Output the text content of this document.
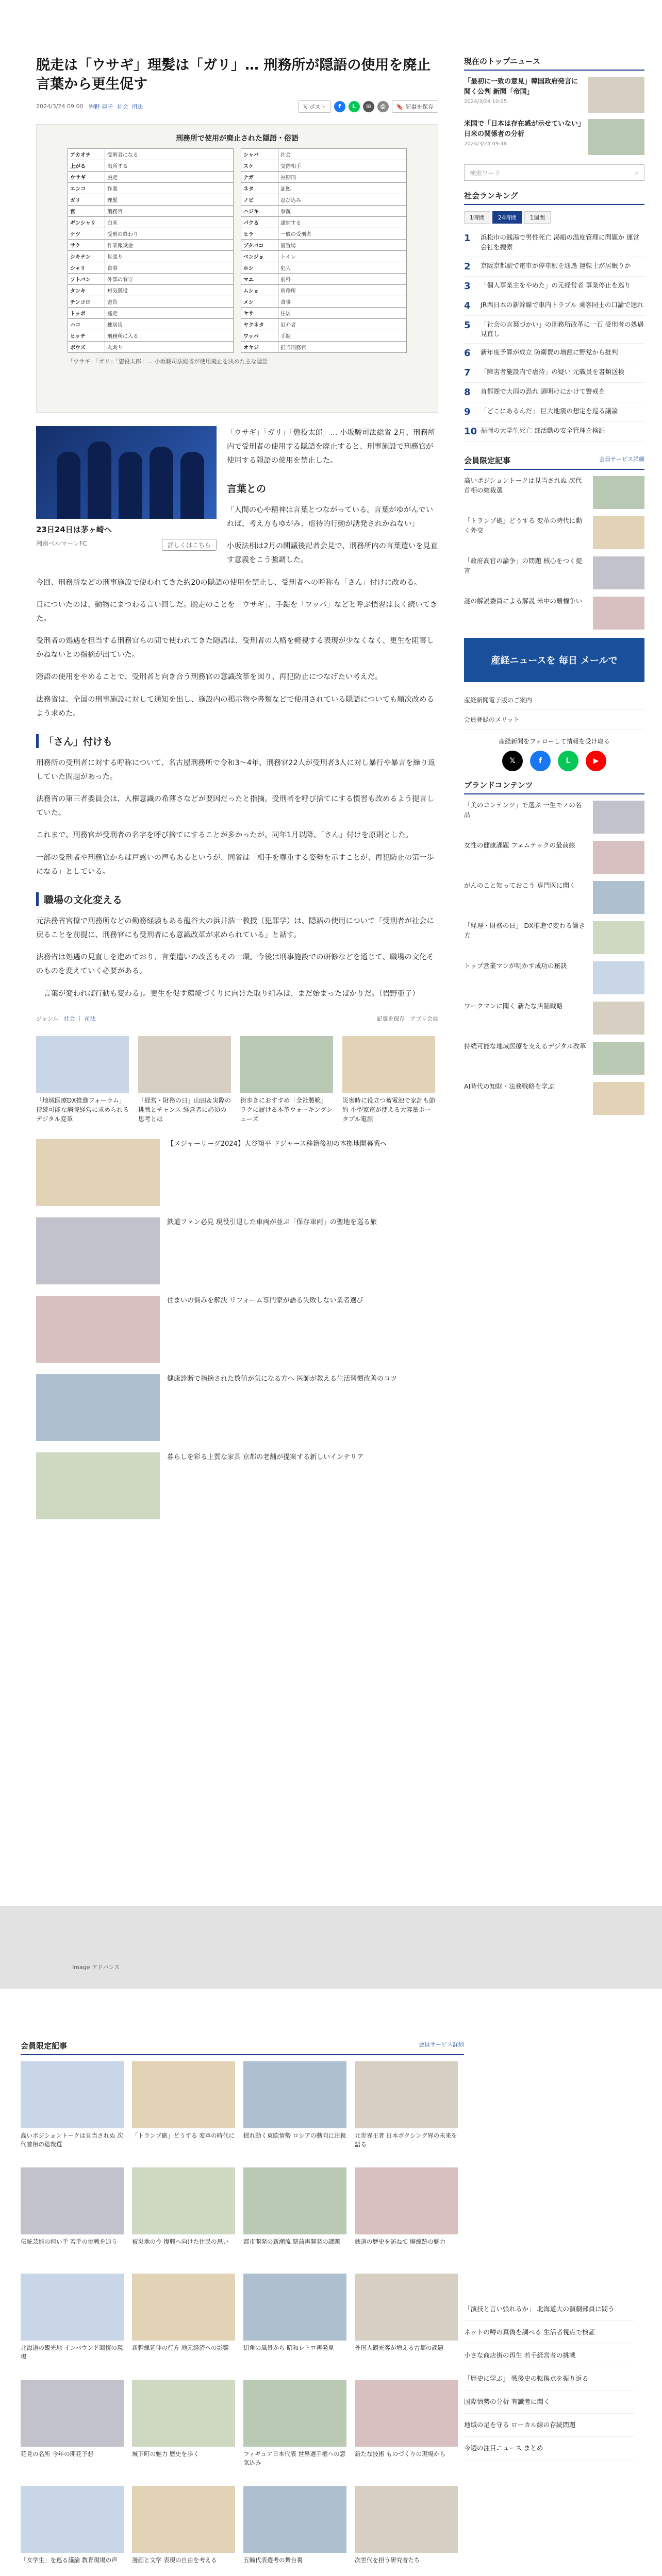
脱走は「ウサギ」理髪は「ガリ」… 刑務所が隠語の使用を廃止 言葉から更生促す
2024/3/24 09:00 岩野 亜子 社会 司法	𝕏 ポスト	f	L	✉	⎙	🔖 記事を保存
刑務所で使用が廃止された隠語・俗語
アカオチ	受刑者になる
上がる	出所する
ウサギ	脱走
エンコ	作業
ガリ	理髪
官	刑務官
ギンシャリ	白米
ケツ	受刑の終わり
サク	作業報奨金
シキテン	見張り
シャリ	食事
ソトバン	外部の看守
タンキ	短気懲役
チンコロ	密告
トッポ	逃走
ハコ	独居房
ヒッチ	刑務所に入る
ボウズ	丸刈り
シャバ	社会
スケ	交際相手
ナガ	長期刑
ネタ	証拠
ノビ	忍び込み
ハジキ	拳銃
パクる	逮捕する
ヒラ	一般の受刑者
ブタバコ	留置場
ベンジョ	トイレ
ホシ	犯人
マエ	前科
ムショ	刑務所
メシ	食事
ヤサ	住居
ヤクネタ	厄介者
ワッパ	手錠
オヤジ	担当刑務官
「ウサギ」「ガリ」「懲役太郎」… 小坂駿司法総省が使用廃止を決めた主な隠語
23日24日は茅ヶ崎へ
湘南ベルマーレFC	詳しくはこちら

「ウサギ」「ガリ」「懲役太郎」… 小坂駿司法総省 2月、刑務所内で受刑者の使用する隠語を廃止すると、刑事施設で刑務官が使用する隠語の使用を禁止した。

言葉との

「人間の心や精神は言葉とつながっている。言葉がゆがんでいれば、考え方もゆがみ、虐待的行動が誘発されかねない」

小坂法相は2月の閣議後記者会見で、刑務所内の言葉遣いを見直す意義をこう強調した。

今回、刑務所などの刑事施設で使われてきた約20の隠語の使用を禁止し、受刑者への呼称も「さん」付けに改める。

目についたのは、動物にまつわる言い回しだ。脱走のことを「ウサギ」、手錠を「ワッパ」などと呼ぶ慣習は長く続いてきた。

受刑者の処遇を担当する刑務官らの間で使われてきた隠語は、受刑者の人格を軽視する表現が少なくなく、更生を阻害しかねないとの指摘が出ていた。

隠語の使用をやめることで、受刑者と向き合う刑務官の意識改革を図り、再犯防止につなげたい考えだ。

法務省は、全国の刑事施設に対して通知を出し、施設内の掲示物や書類などで使用されている隠語についても順次改めるよう求めた。

「さん」付けも

刑務所の受刑者に対する呼称について、名古屋刑務所で令和3〜4年、刑務官22人が受刑者3人に対し暴行や暴言を繰り返していた問題があった。

法務省の第三者委員会は、人権意識の希薄さなどが要因だったと指摘。受刑者を呼び捨てにする慣習も改めるよう提言していた。

これまで、刑務官が受刑者の名字を呼び捨てにすることが多かったが、同年1月以降、「さん」付けを原則とした。

一部の受刑者や刑務官からは戸惑いの声もあるというが、同省は「相手を尊重する姿勢を示すことが、再犯防止の第一歩になる」としている。

職場の文化変える

元法務省官僚で刑務所などの勤務経験もある龍谷大の浜井浩一教授（犯罪学）は、隠語の使用について「受刑者が社会に戻ることを前提に、刑務官にも受刑者にも意識改革が求められている」と話す。

法務省は処遇の見直しを進めており、言葉遣いの改善もその一環。今後は刑事施設での研修などを通じて、職場の文化そのものを変えていく必要がある。

「言葉が変われば行動も変わる」。更生を促す環境づくりに向けた取り組みは、まだ始まったばかりだ。（岩野亜子）

ジャンル 社会 ｜ 司法	記事を保存 アプリ会員
「地域医療DX推進フォーラム」持続可能な病院経営に求められるデジタル変革
「経営・財務の日」山田＆実際の挑戦とチャンス 経営者に必須の思考とは
街歩きにおすすめ「全社製靴」ラクに履ける本革ウォーキングシューズ
災害時に役立つ蓄電池で家計も節約 小型家電が使える大容量ポータブル電源
【メジャーリーグ2024】大谷翔平 ドジャース移籍後初の本拠地開幕戦へ
鉄道ファン必見 現役引退した車両が並ぶ「保存車両」の聖地を巡る旅
住まいの悩みを解決 リフォーム専門家が語る失敗しない業者選び
健康診断で指摘された数値が気になる方へ 医師が教える生活習慣改善のコツ
暮らしを彩る上質な家具 京都の老舗が提案する新しいインテリア
現在のトップニュース
「最初に一致の意見」韓国政府発言に聞く公判 新聞「帝国」
2024/3/24 10:05
米国で「日本は存在感が示せていない」日米の関係者の分析
2024/3/24 09:48
検索ワード	⌕
社会ランキング
1時間	24時間	1週間
1	浜松市の銭湯で男性死亡 湯船の温度管理に問題か 運営会社を捜索
2	京阪京都駅で電車が停車駅を通過 運転士が居眠りか
3	「個人事業主をやめた」の元経営者 事業停止を巡り
4	JR西日本の新幹線で車内トラブル 乗客同士の口論で遅れ
5	「社会の言葉づかい」の刑務所改革に一石 受刑者の処遇見直し
6	新年度予算が成立 防衛費の増額に野党から批判
7	「障害者施設内で虐待」の疑い 元職員を書類送検
8	首都圏で大雨の恐れ 週明けにかけて警戒を
9	「どこにあるんだ」 巨大地震の想定を巡る議論
10 福岡の大学生死亡 部活動の安全管理を検証
会員限定記事	会員サービス詳細
高いポジショントークは見当されぬ 次代首相の総裁選
「トランプ砲」どうする 変革の時代に動く外交
「政府高官の論争」の問題 核心をつく提言
謎の解説委員による解説 米中の覇権争い
産経ニュースを 毎日 メールで
産経新聞電子版のご案内
会員登録のメリット
産経新聞をフォローして情報を受け取る
𝕏	f	L	▶
ブランドコンテンツ
「美のコンテンツ」で選ぶ 一生モノの名品
女性の健康課題 フェムテックの最前線
がんのこと知っておこう 専門医に聞く
「経理・財務の日」 DX推進で変わる働き方
トップ営業マンが明かす成功の秘訣
ワークマンに聞く 新たな店舗戦略
持続可能な地域医療を支えるデジタル改革
AI時代の知財・法務戦略を学ぶ
Image アドバンス
会員限定記事	会員サービス詳細
高いポジショントークは見当されぬ 次代首相の総裁選
「トランプ砲」どうする 変革の時代に 揺れ動く東欧情勢 ロシアの動向に注視 元世界王者 日本ボクシング界の未来を語る
伝統芸能の担い手 若手の挑戦を追う	被災地の今 復興へ向けた住民の思い	都市開発の新潮流 駅前再開発の課題	鉄道の歴史を訪ねて 廃線跡の魅力
北海道の観光地 インバウンド回復の現場
新幹線延伸の行方 地元経済への影響	街角の風景から 昭和レトロ再発見	外国人観光客が増える古都の課題
花見の名所 今年の開花予想	城下町の魅力 歴史を歩く	フィギュア日本代表 世界選手権への意気込み
新たな技術 ものづくりの現場から
「女学生」を巡る議論 教育現場の声	漫画と文学 表現の自由を考える	五輪代表選考の舞台裏	次世代を担う研究者たち
「演技と言い張れるか」 北海道大の演劇部員に問う
ネットの噂の真偽を調べる 生活者視点で検証
小さな商店街の再生 若手経営者の挑戦
「歴史に学ぶ」 戦後史の転換点を振り返る
国際情勢の分析 有識者に聞く
地域の足を守る ローカル線の存続問題
今週の注目ニュース まとめ
